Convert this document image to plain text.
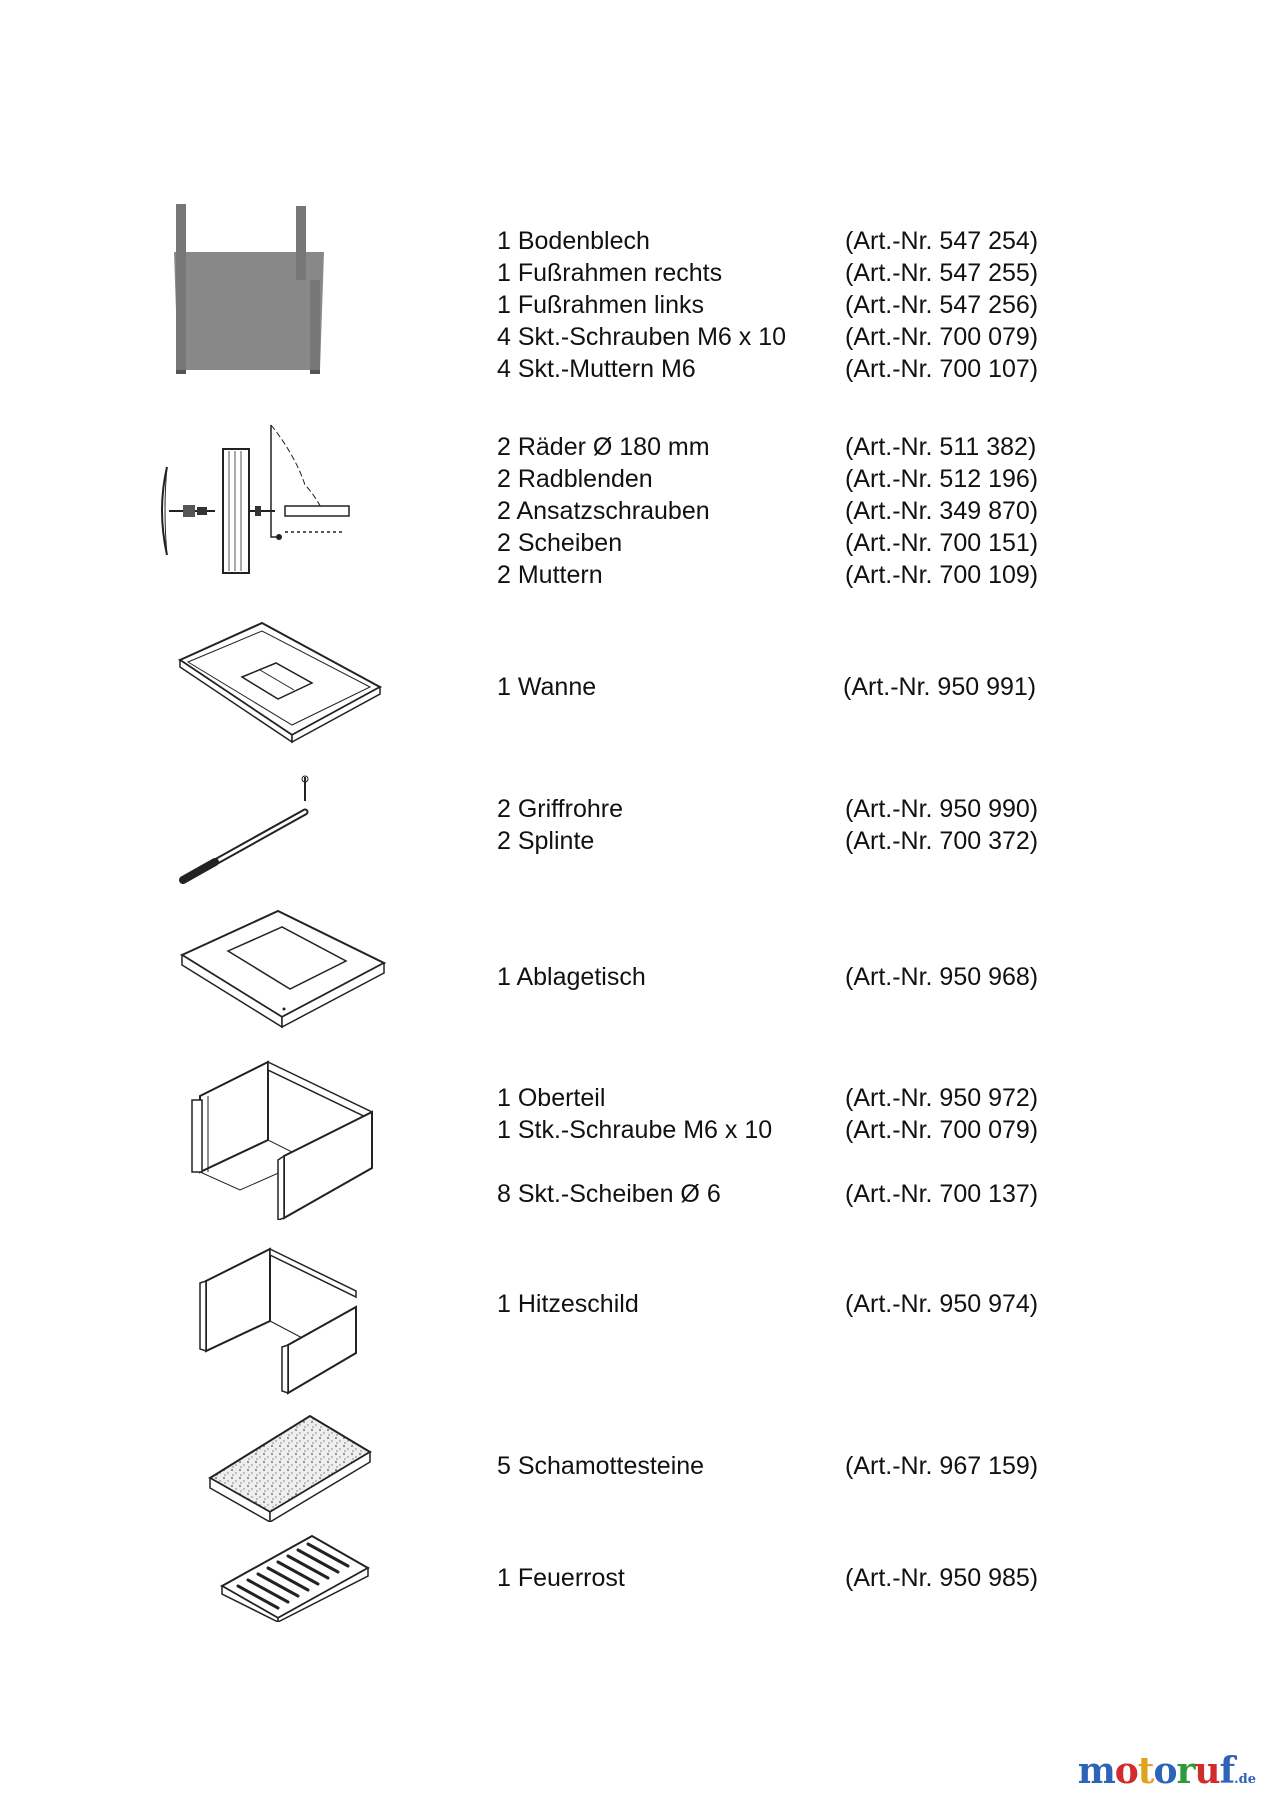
1 Bodenblech	(Art.-Nr. 547 254)
1 Fußrahmen rechts	(Art.-Nr. 547 255)
1 Fußrahmen links	(Art.-Nr. 547 256)
4 Skt.-Schrauben M6 x 10 (Art.-Nr. 700 079)
4 Skt.-Muttern M6	(Art.-Nr. 700 107)
2 Räder Ø 180 mm	(Art.-Nr. 511 382)
2 Radblenden	(Art.-Nr. 512 196)
2 Ansatzschrauben	(Art.-Nr. 349 870)
2 Scheiben	(Art.-Nr. 700 151)
2 Muttern	(Art.-Nr. 700 109)
1 Wanne	(Art.-Nr. 950 991)
2 Griffrohre	(Art.-Nr. 950 990)
2 Splinte	(Art.-Nr. 700 372)
1 Ablagetisch	(Art.-Nr. 950 968)
1 Oberteil	(Art.-Nr. 950 972)
1 Stk.-Schraube M6 x 10	(Art.-Nr. 700 079)
8 Skt.-Scheiben Ø 6	(Art.-Nr. 700 137)
1 Hitzeschild	(Art.-Nr. 950 974)
5 Schamottesteine	(Art.-Nr. 967 159)
1 Feuerrost	(Art.-Nr. 950 985)
motoruf.de
